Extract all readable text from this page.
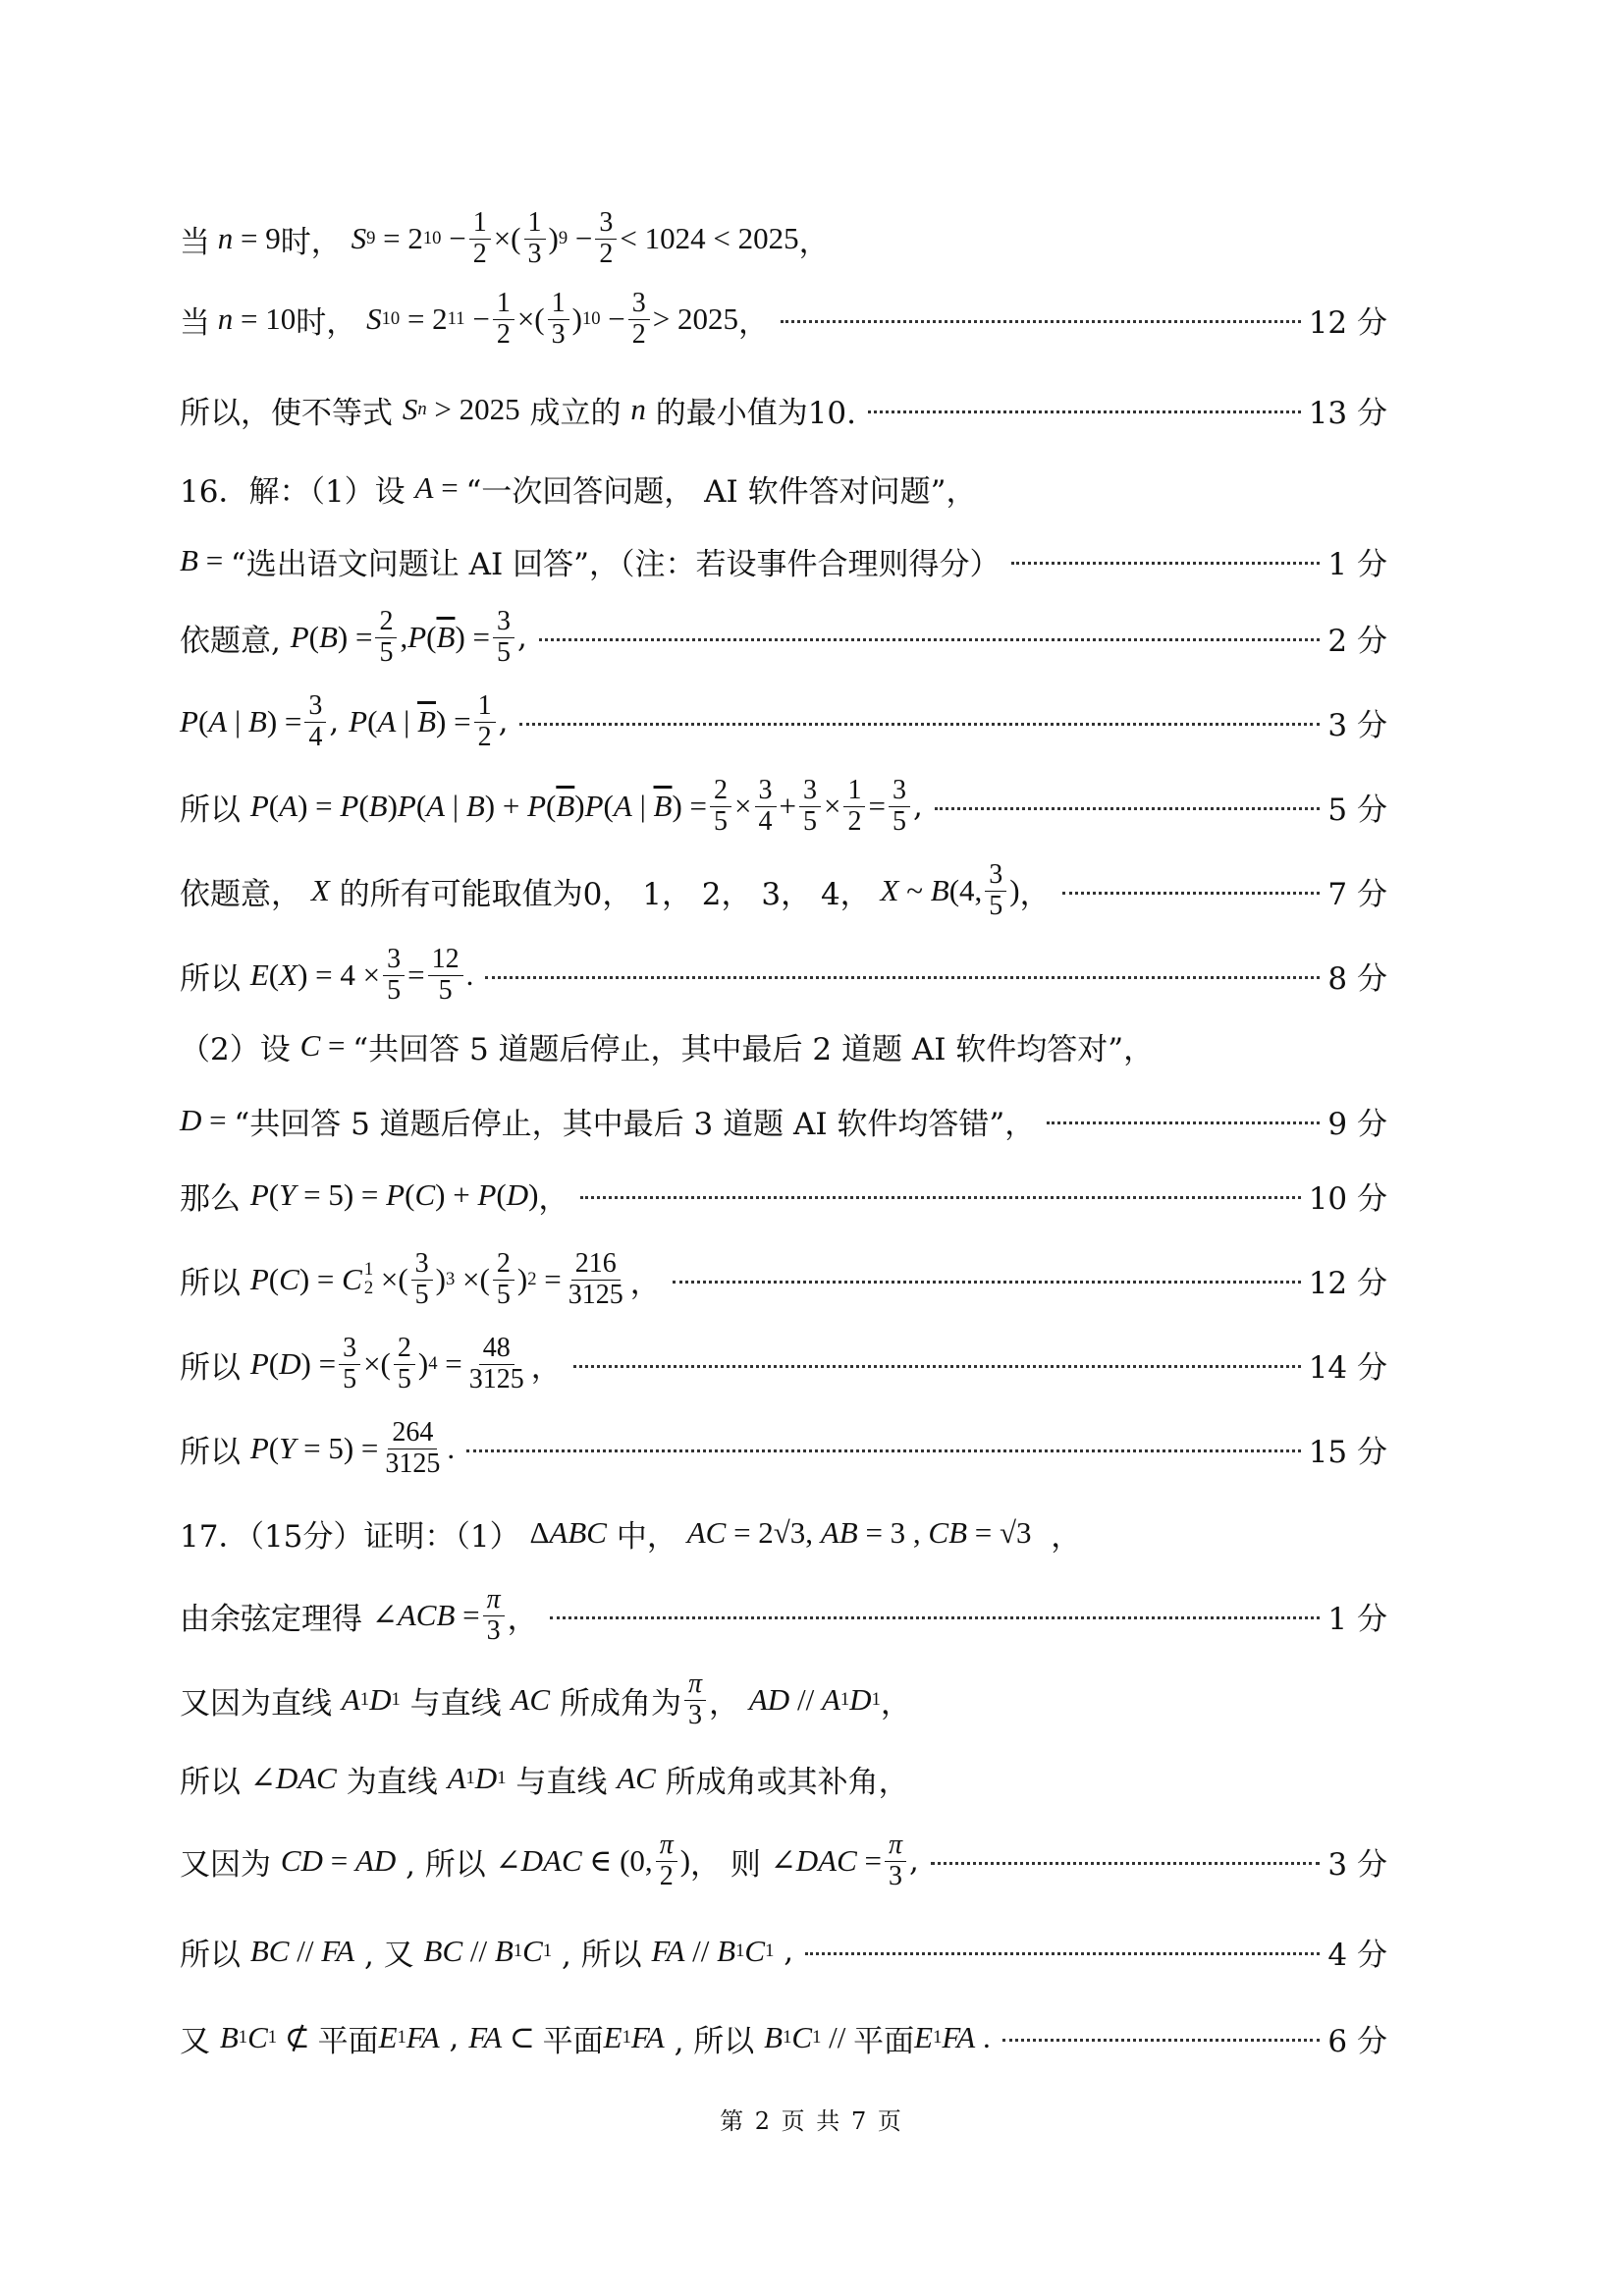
当 n = 9 时， S 9 = 2 $10 - \frac{1}{2}$ ×( $\frac{1}{3}$ ) $9 - \frac{3}{2} < 1024 < 2025$ ，
当 n = 10 时， S 10 = 2 $11 - \frac{1}{2}$ ×( $\frac{1}{3}$ ) $10 - \frac{3}{2} > 2025$ ，	12 分
所以，使不等式 S n > 2025 成立的 n 的最小值为10.	13 分
16．解：（1）设 A = “一次回答问题， AI 软件答对问题”，
B = “选出语文问题让 AI 回答”，（注：若设事件合理则得分）	1 分
依题意, P ( B ) = $\frac{2}{5}$ , P ( $\overline{B}$ ) = $\frac{3}{5}$ ,	2 分
P ( A | B ) = $\frac{3}{4}$ , P ( A | $\overline{B}$ ) = $\frac{1}{2}$ ,	3 分
所以 P ( A ) = P ( B ) P ( A | B ) + P ( $\overline{B}$ ) P ( A | $\overline{B}$ ) = $\frac{2}{5} \times \frac{3}{4} + \frac{3}{5} \times \frac{1}{2} = \frac{3}{5}$ ,	5 分
依题意， X 的所有可能取值为0， 1， 2， 3， 4， X ~ B (4, $\frac{3}{5}$ ) ，	7 分
所以 E ( X ) = $4 \times \frac{3}{5} = \frac{12}{5}$ .	8 分
（2）设 C = “共回答 5 道题后停止，其中最后 2 道题 AI 软件均答对”，
D = “共回答 5 道题后停止，其中最后 3 道题 AI 软件均答错”，	9 分
那么 P ( Y = 5) = P ( C ) + P ( D ) ，	10 分
所以 P ( C ) = C 1
2 ×( $\frac{3}{5}$ ) 3 ×( $\frac{2}{5}$ ) $2 = \frac{216}{3125}$ ，	12 分
所以 P ( D ) = $\frac{3}{5}$ ×( $\frac{2}{5}$ ) $4 = \frac{48}{3125}$ ，	14 分
所以 P ( $Y = 5) = \frac{264}{3125}$ .	15 分
17．（15分）证明：（1） Δ ABC 中， AC = 2√3, AB = 3 , CB = √3 ，
由余弦定理得 ∠ ACB = $\frac{\pi}{3}$ ，	1 分
又因为直线 A 1 D 1 与直线 AC 所成角为 $\frac{\pi}{3}$ ， AD // A 1 D 1 ，
所以 ∠ DAC 为直线 A 1 D 1 与直线 AC 所成角或其补角，
又因为 CD = AD , 所以 ∠ DAC ∈ (0, $\frac{\pi}{2}$ ) ， 则 ∠ DAC = $\frac{\pi}{3}$ ,	3 分
所以 BC // FA , 又 BC // B 1 C 1 , 所以 FA // B 1 C 1 ,	4 分
又 B 1 C 1 ⊄ 平面 E 1 FA , FA ⊂ 平面 E 1 FA , 所以 B 1 C 1 // 平面 E 1 FA .	6 分
第 2 页 共 7 页
